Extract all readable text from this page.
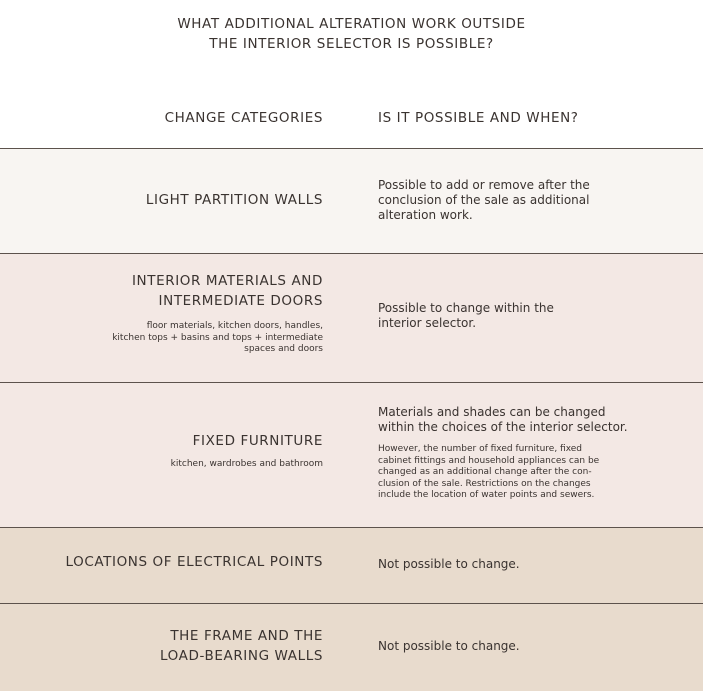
WHAT ADDITIONAL ALTERATION WORK OUTSIDE
THE INTERIOR SELECTOR IS POSSIBLE?
CHANGE CATEGORIES	IS IT POSSIBLE AND WHEN?
LIGHT PARTITION WALLS
Possible to add or remove after the
conclusion of the sale as additional
alteration work.
INTERIOR MATERIALS AND
INTERMEDIATE DOORS
floor materials, kitchen doors, handles,
kitchen tops + basins and tops + intermediate
spaces and doors
Possible to change within the
interior selector.
FIXED FURNITURE
kitchen, wardrobes and bathroom
Materials and shades can be changed
within the choices of the interior selector.
However, the number of fixed furniture, fixed
cabinet fittings and household appliances can be
changed as an additional change after the con-
clusion of the sale. Restrictions on the changes
include the location of water points and sewers.
LOCATIONS OF ELECTRICAL POINTS	Not possible to change.
THE FRAME AND THE
LOAD-BEARING WALLS
Not possible to change.
